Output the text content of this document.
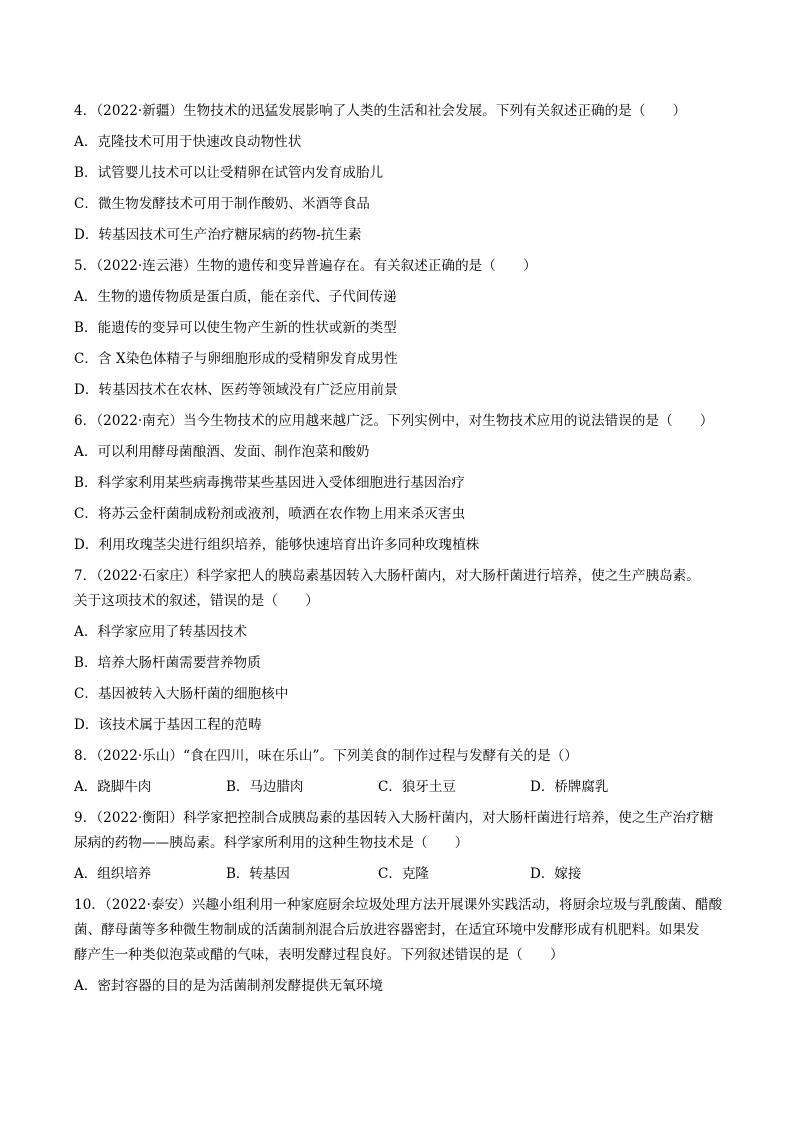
4．（2022·新疆）生物技术的迅猛发展影响了人类的生活和社会发展。下列有关叙述正确的是（　　）
A．克隆技术可用于快速改良动物性状
B．试管婴儿技术可以让受精卵在试管内发育成胎儿
C．微生物发酵技术可用于制作酸奶、米酒等食品
D．转基因技术可生产治疗糖尿病的药物-抗生素
5．（2022·连云港）生物的遗传和变异普遍存在。有关叙述正确的是（　　）
A．生物的遗传物质是蛋白质，能在亲代、子代间传递
B．能遗传的变异可以使生物产生新的性状或新的类型
C．含 X染色体精子与卵细胞形成的受精卵发育成男性
D．转基因技术在农林、医药等领域没有广泛应用前景
6．（2022·南充）当今生物技术的应用越来越广泛。下列实例中，对生物技术应用的说法错误的是（　　）
A．可以利用酵母菌酿酒、发面、制作泡菜和酸奶
B．科学家利用某些病毒携带某些基因进入受体细胞进行基因治疗
C．将苏云金杆菌制成粉剂或液剂，喷洒在农作物上用来杀灭害虫
D．利用玫瑰茎尖进行组织培养，能够快速培育出许多同种玫瑰植株
7．（2022·石家庄）科学家把人的胰岛素基因转入大肠杆菌内，对大肠杆菌进行培养，使之生产胰岛素。
关于这项技术的叙述，错误的是（　　）
A．科学家应用了转基因技术
B．培养大肠杆菌需要营养物质
C．基因被转入大肠杆菌的细胞核中
D．该技术属于基因工程的范畴
8．（2022·乐山）“食在四川，味在乐山”。下列美食的制作过程与发酵有关的是（）
A．跷脚牛肉	B．马边腊肉	C．狼牙土豆	D．桥牌腐乳
9．（2022·衡阳）科学家把控制合成胰岛素的基因转入大肠杆菌内，对大肠杆菌进行培养，使之生产治疗糖
尿病的药物——胰岛素。科学家所利用的这种生物技术是（　　）
A．组织培养	B．转基因	C．克隆	D．嫁接
10．（2022·泰安）兴趣小组利用一种家庭厨余垃圾处理方法开展课外实践活动，将厨余垃圾与乳酸菌、醋酸
菌、酵母菌等多种微生物制成的活菌制剂混合后放进容器密封，在适宜环境中发酵形成有机肥料。如果发
酵产生一种类似泡菜或醋的气味，表明发酵过程良好。下列叙述错误的是（　　）
A．密封容器的目的是为活菌制剂发酵提供无氧环境
